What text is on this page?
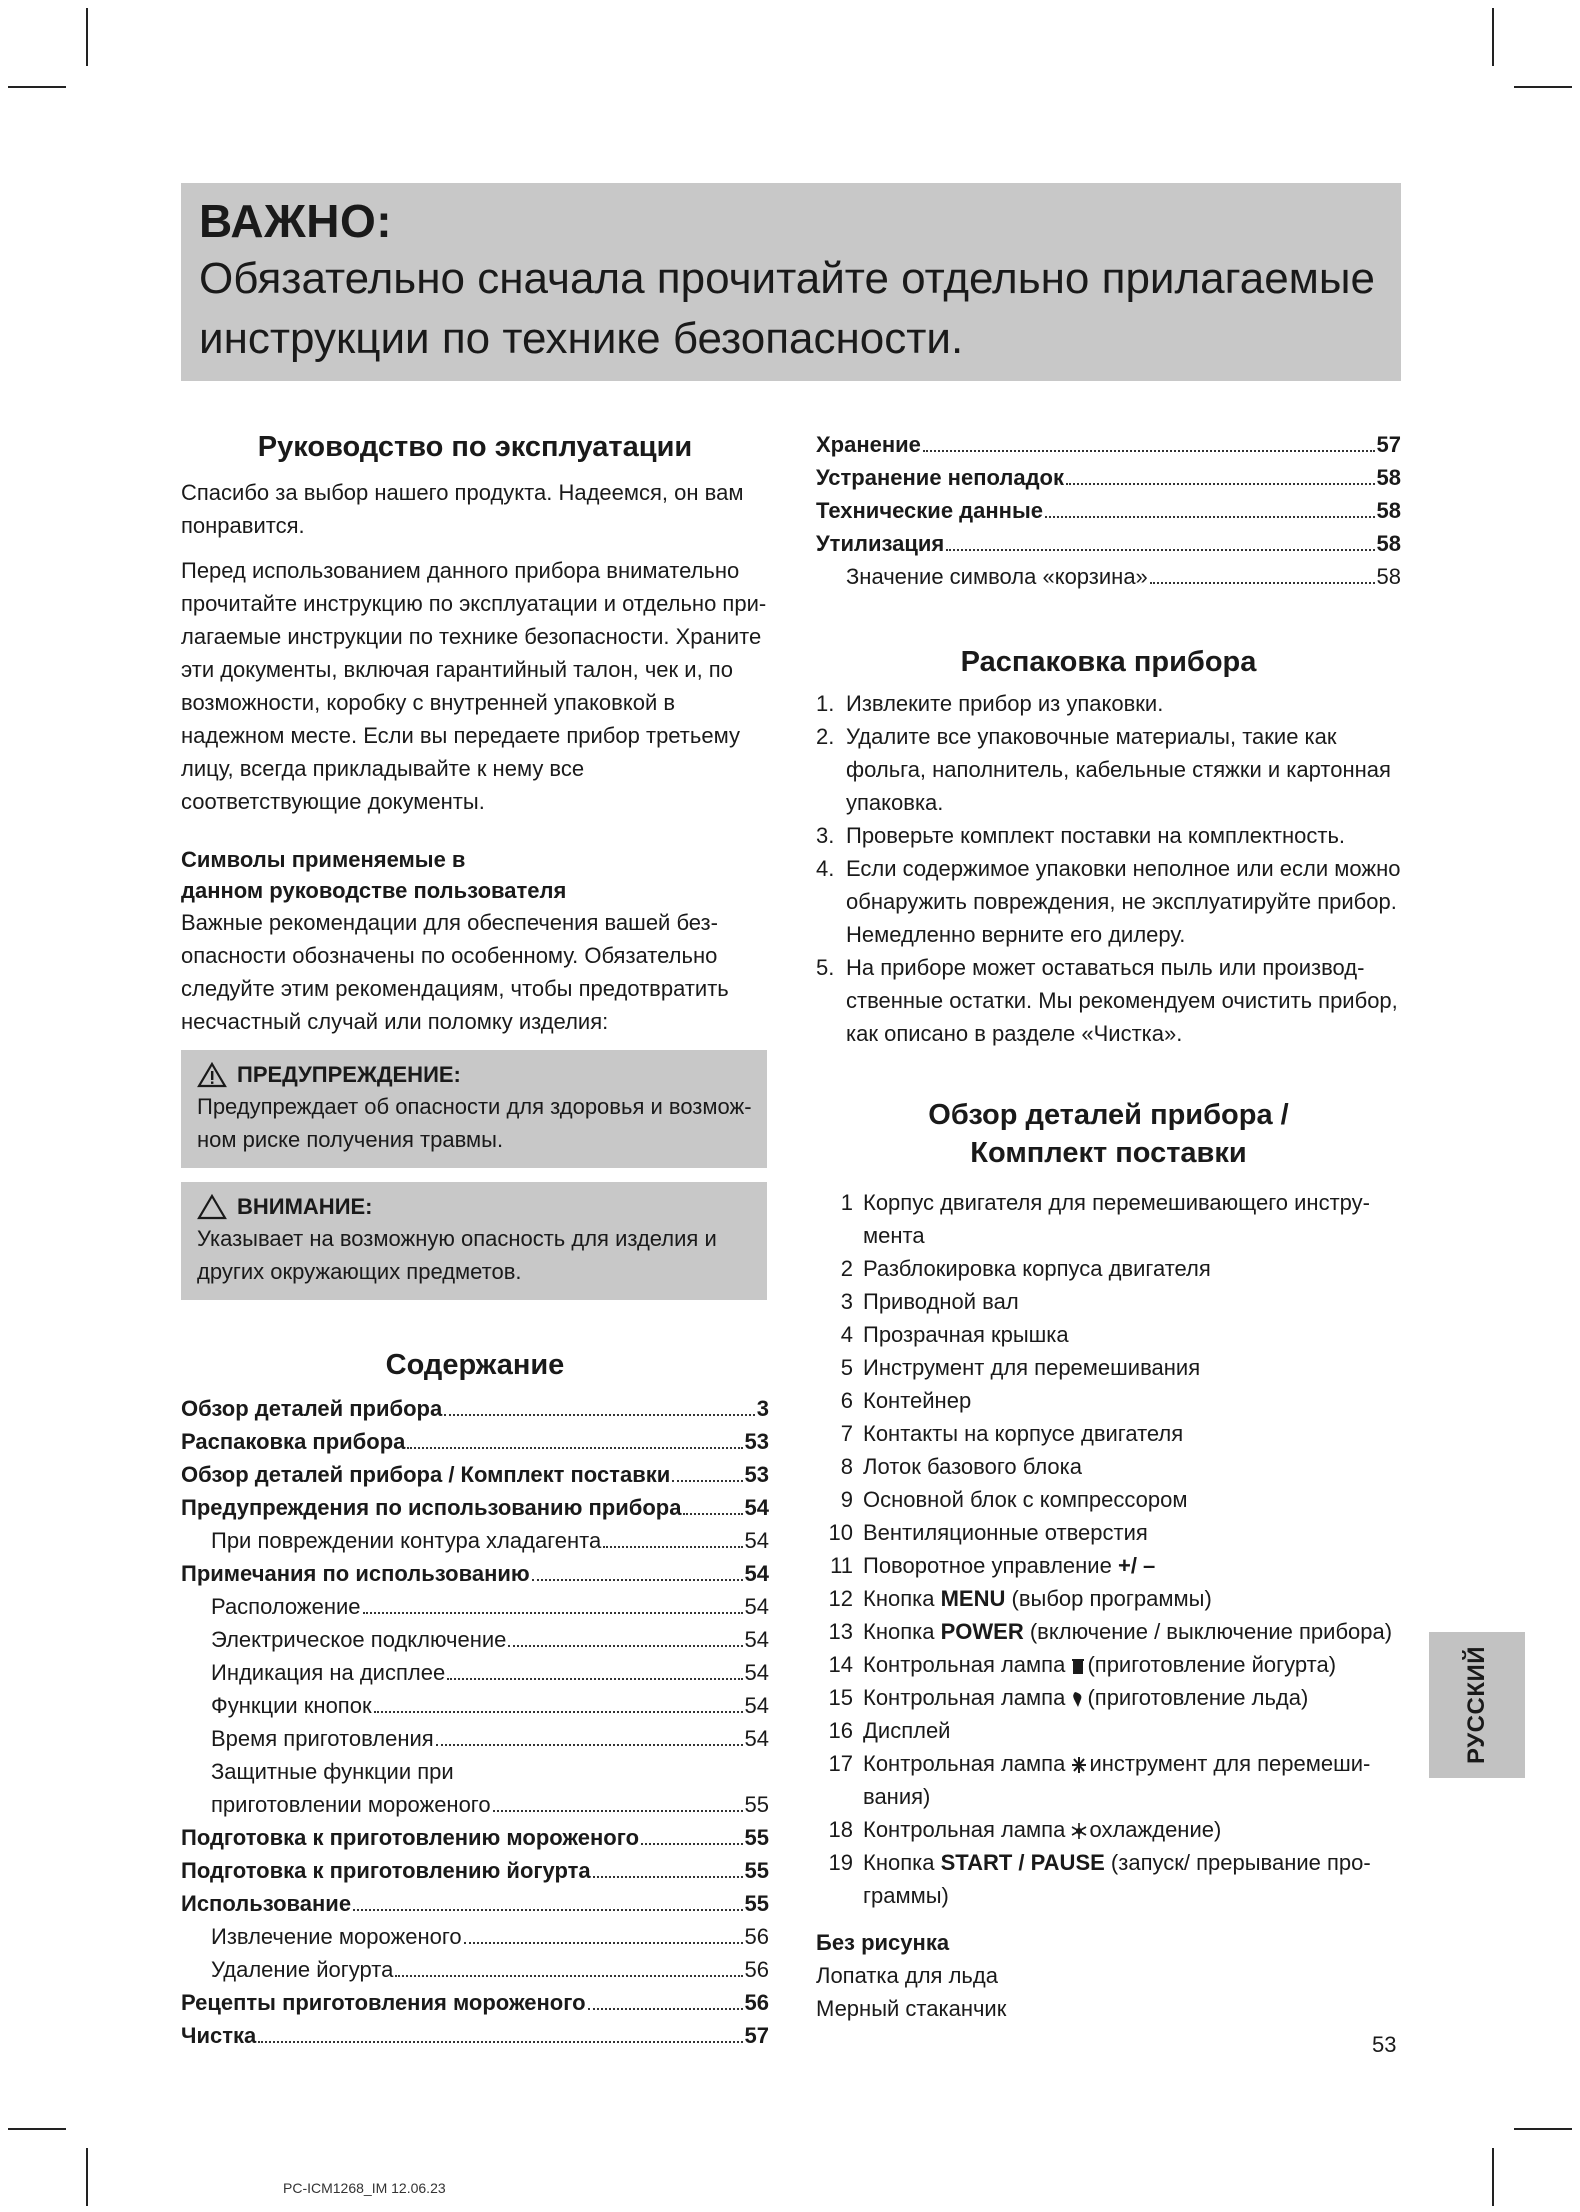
ВАЖНО:
Обязательно сначала прочитайте отдельно прилагаемые
инструкции по технике безопасности.
Руководство по эксплуатации

Спасибо за выбор нашего продукта. Надеемся, он вам понравится.

Перед использованием данного прибора внимательно прочитайте инструкцию по эксплуатации и отдельно прилагаемые инструкции по технике безопасности. Храните эти документы, включая гарантийный талон, чек и, по возможности, коробку с внутренней упаковкой в надежном месте. Если вы передаете прибор третьему лицу, всегда прикладывайте к нему все соответствующие документы.

Символы применяемые в
данном руководстве пользователя

Важные рекомендации для обеспечения вашей безопасности обозначены по особенному. Обязательно следуйте этим рекомендациям, чтобы предотвратить несчастный случай или поломку изделия:

ПРЕДУПРЕЖДЕНИЕ:
Предупреждает об опасности для здоровья и возможном риске получения травмы.
ВНИМАНИЕ:
Указывает на возможную опасность для изделия и других окружающих предметов.
Содержание
Обзор деталей прибора	3
Распаковка прибора	53
Обзор деталей прибора / Комплект поставки	53
Предупреждения по использованию прибора	54
При повреждении контура хладагента	54
Примечания по использованию	54
Расположение	54
Электрическое подключение	54
Индикация на дисплее	54
Функции кнопок	54
Время приготовления	54
Защитные функции при
приготовлении мороженого	55
Подготовка к приготовлению мороженого	55
Подготовка к приготовлению йогурта	55
Использование	55
Извлечение мороженого	56
Удаление йогурта	56
Рецепты приготовления мороженого	56
Чистка	57
Хранение	57
Устранение неполадок	58
Технические данные	58
Утилизация	58
Значение символа «корзина»	58
Распаковка прибора
1. Извлеките прибор из упаковки.
2. Удалите все упаковочные материалы, такие как фольга, наполнитель, кабельные стяжки и картонная упаковка.
3. Проверьте комплект поставки на комплектность.
4. Если содержимое упаковки неполное или если можно обнаружить повреждения, не эксплуатируйте прибор. Немедленно верните его дилеру.
5. На приборе может оставаться пыль или производственные остатки. Мы рекомендуем очистить прибор, как описано в разделе «Чистка».
Обзор деталей прибора /
Комплект поставки
1 Корпус двигателя для перемешивающего инструмента
2 Разблокировка корпуса двигателя
3 Приводной вал
4 Прозрачная крышка
5 Инструмент для перемешивания
6 Контейнер
7 Контакты на корпусе двигателя
8 Лоток базового блока
9 Основной блок с компрессором
10 Вентиляционные отверстия
11 Поворотное управление +/ –
12 Кнопка MENU (выбор программы)
13 Кнопка POWER (включение / выключение прибора)
14 Контрольная лампа (приготовление йогурта)
15 Контрольная лампа (приготовление льда)
16 Дисплей
17 Контрольная лампа инструмент для перемешивания)
18 Контрольная лампа охлаждение)
19 Кнопка START / PAUSE (запуск/ прерывание программы)
Без рисунка

Лопатка для льда

Мерный стаканчик

РУССКИЙ
53
PC-ICM1268_IM 12.06.23
